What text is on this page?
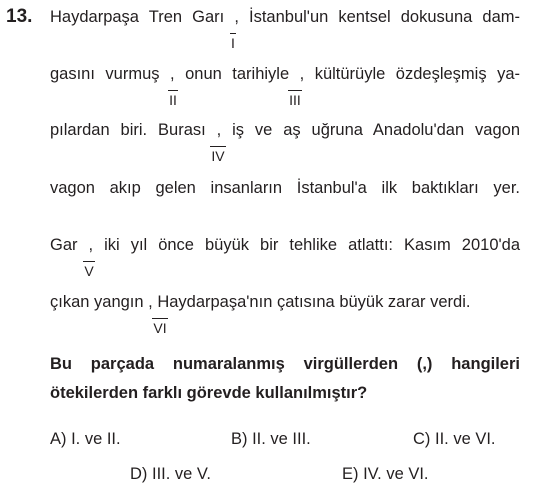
13. Haydarpaşa Tren Garı , İstanbul'un kentsel dokusuna dam-
I
gasını vurmuş , onun tarihiyle , kültürüyle özdeşleşmiş ya-
II	III
pılardan biri. Burası , iş ve aş uğruna Anadolu'dan vagon
IV
vagon akıp gelen insanların İstanbul'a ilk baktıkları yer.
Gar , iki yıl önce büyük bir tehlike atlattı: Kasım 2010'da
V
çıkan yangın , Haydarpaşa'nın çatısına büyük zarar verdi.
VI
Bu parçada numaralanmış virgüllerden (,) hangileri
ötekilerden farklı görevde kullanılmıştır?
A) I. ve II.	B) II. ve III.	C) II. ve VI.
D) III. ve V.	E) IV. ve VI.
